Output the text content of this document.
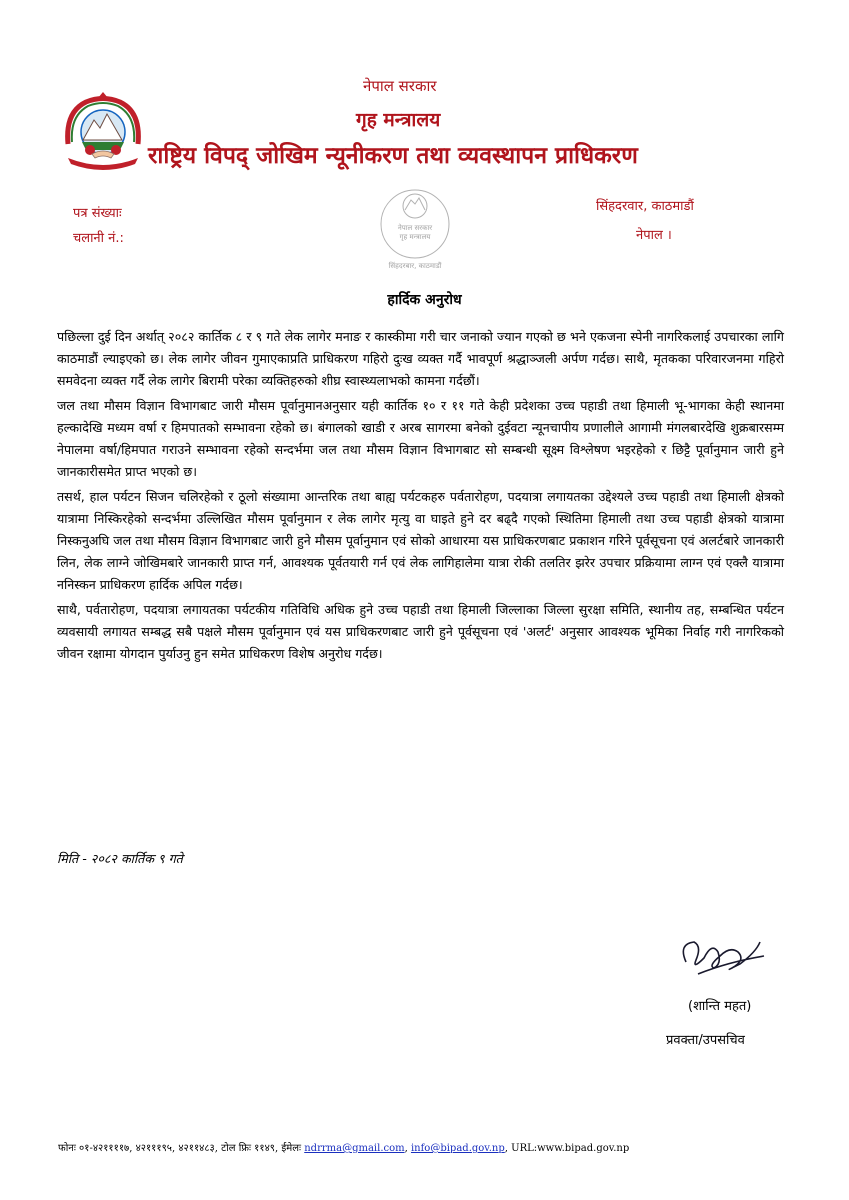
नेपाल सरकार
गृह मन्त्रालय
राष्ट्रिय विपद् जोखिम न्यूनीकरण तथा व्यवस्थापन प्राधिकरण
पत्र संख्याः
चलानी नं.:
सिंहदरवार, काठमाडौं
नेपाल ।
नेपाल सरकार
गृह मन्त्रालय
सिंहदरबार, काठमाडौं
हार्दिक अनुरोध

पछिल्ला दुई दिन अर्थात् २०८२ कार्तिक ८ र ९ गते लेक लागेर मनाङ र कास्कीमा गरी चार जनाको ज्यान गएको छ भने एकजना स्पेनी नागरिकलाई उपचारका लागि काठमाडौं ल्याइएको छ। लेक लागेर जीवन गुमाएकाप्रति प्राधिकरण गहिरो दुःख व्यक्त गर्दै भावपूर्ण श्रद्धाञ्जली अर्पण गर्दछ। साथै, मृतकका परिवारजनमा गहिरो समवेदना व्यक्त गर्दै लेक लागेर बिरामी परेका व्यक्तिहरुको शीघ्र स्वास्थ्यलाभको कामना गर्दछौं।

जल तथा मौसम विज्ञान विभागबाट जारी मौसम पूर्वानुमानअनुसार यही कार्तिक १० र ११ गते केही प्रदेशका उच्च पहाडी तथा हिमाली भू-भागका केही स्थानमा हल्कादेखि मध्यम वर्षा र हिमपातको सम्भावना रहेको छ। बंगालको खाडी र अरब सागरमा बनेको दुईवटा न्यूनचापीय प्रणालीले आगामी मंगलबारदेखि शुक्रबारसम्म नेपालमा वर्षा/हिमपात गराउने सम्भावना रहेको सन्दर्भमा जल तथा मौसम विज्ञान विभागबाट सो सम्बन्धी सूक्ष्म विश्लेषण भइरहेको र छिट्टै पूर्वानुमान जारी हुने जानकारीसमेत प्राप्त भएको छ।

तसर्थ, हाल पर्यटन सिजन चलिरहेको र ठूलो संख्यामा आन्तरिक तथा बाह्य पर्यटकहरु पर्वतारोहण, पदयात्रा लगायतका उद्देश्यले उच्च पहाडी तथा हिमाली क्षेत्रको यात्रामा निस्किरहेको सन्दर्भमा उल्लिखित मौसम पूर्वानुमान र लेक लागेर मृत्यु वा घाइते हुने दर बढ्दै गएको स्थितिमा हिमाली तथा उच्च पहाडी क्षेत्रको यात्रामा निस्कनुअघि जल तथा मौसम विज्ञान विभागबाट जारी हुने मौसम पूर्वानुमान एवं सोको आधारमा यस प्राधिकरणबाट प्रकाशन गरिने पूर्वसूचना एवं अलर्टबारे जानकारी लिन, लेक लाग्ने जोखिमबारे जानकारी प्राप्त गर्न, आवश्यक पूर्वतयारी गर्न एवं लेक लागिहालेमा यात्रा रोकी तलतिर झरेर उपचार प्रक्रियामा लाग्न एवं एक्लै यात्रामा ननिस्कन प्राधिकरण हार्दिक अपिल गर्दछ।

साथै, पर्वतारोहण, पदयात्रा लगायतका पर्यटकीय गतिविधि अधिक हुने उच्च पहाडी तथा हिमाली जिल्लाका जिल्ला सुरक्षा समिति, स्थानीय तह, सम्बन्धित पर्यटन व्यवसायी लगायत सम्बद्ध सबै पक्षले मौसम पूर्वानुमान एवं यस प्राधिकरणबाट जारी हुने पूर्वसूचना एवं 'अलर्ट' अनुसार आवश्यक भूमिका निर्वाह गरी नागरिकको जीवन रक्षामा योगदान पुर्याउनु हुन समेत प्राधिकरण विशेष अनुरोध गर्दछ।

मिति - २०८२ कार्तिक ९ गते
(शान्ति महत)
प्रवक्ता/उपसचिव
फोनः ०१-४२११११७, ४२१११९५, ४२११४८३, टोल फ्रिः ११४९, ईमेलः ndrrma@gmail.com, info@bipad.gov.np, URL:www.bipad.gov.np
